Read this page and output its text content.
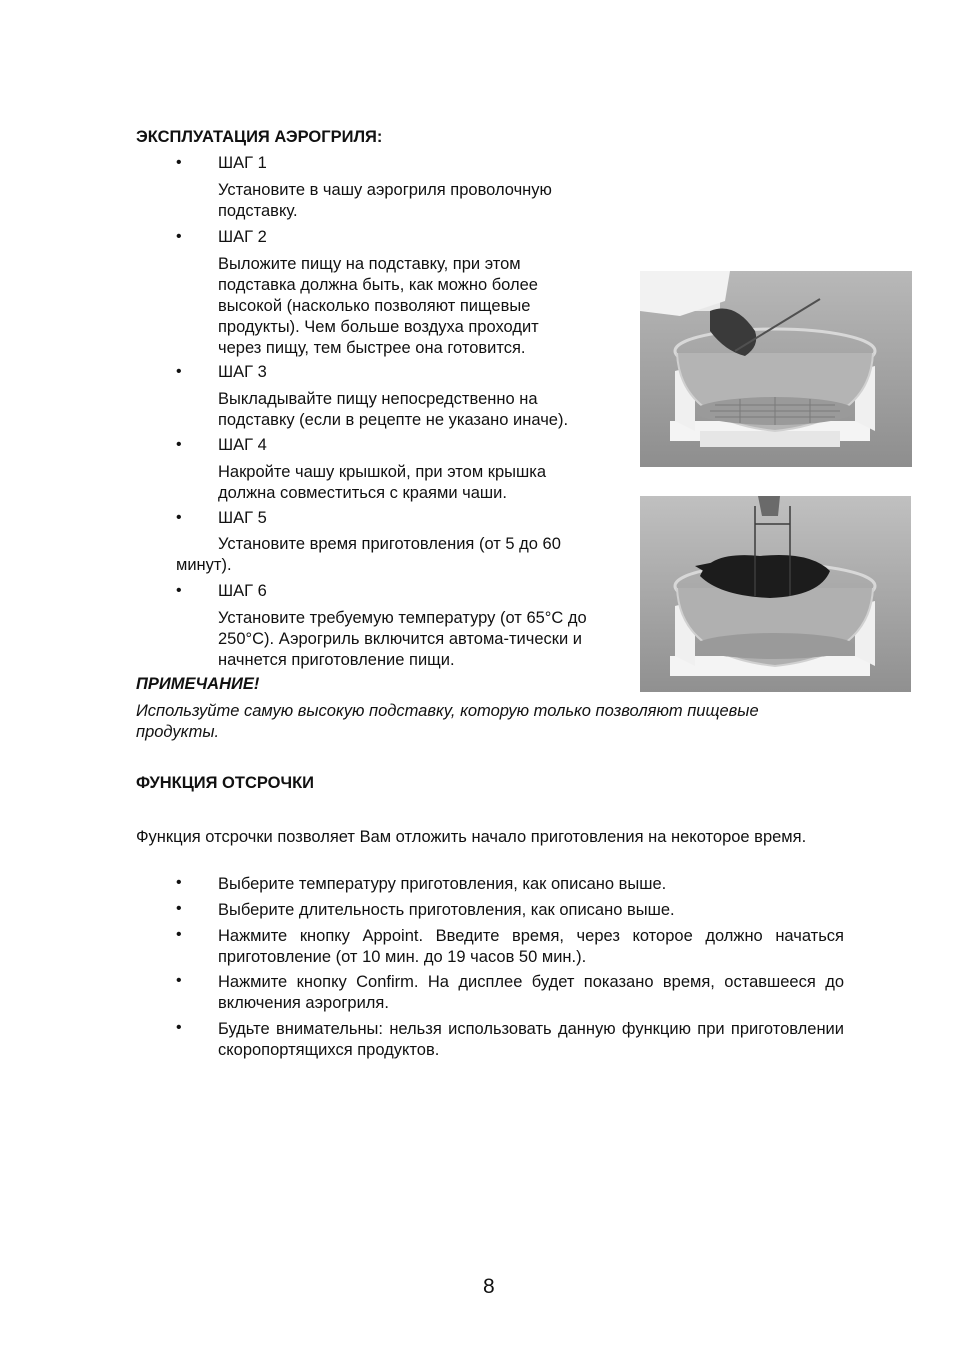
ЭКСПЛУАТАЦИЯ АЭРОГРИЛЯ:
• ШАГ 1
Установите в чашу аэрогриля проволочную подставку.
• ШАГ 2
Выложите пищу на подставку, при этом подставка должна быть, как можно более высокой (насколько позволяют пищевые продукты). Чем больше воздуха проходит через пищу, тем быстрее она готовится.
• ШАГ 3
Выкладывайте пищу непосредственно на подставку (если в рецепте не указано иначе).
• ШАГ 4
Накройте чашу крышкой, при этом крышка должна совместиться с краями чаши.
• ШАГ 5
Установите время приготовления (от 5 до 60
минут).
• ШАГ 6
Установите требуемую температуру (от 65°С до 250°С). Аэрогриль включится автома-тически и начнется приготовление пищи.
ПРИМЕЧАНИЕ!
Используйте самую высокую подставку, которую только позволяют пищевые продукты.
ФУНКЦИЯ ОТСРОЧКИ
Функция отсрочки позволяет Вам отложить начало приготовления на некоторое время.
• Выберите температуру приготовления, как описано выше.
• Выберите длительность приготовления, как описано выше.
• Нажмите кнопку Appoint. Введите время, через которое должно начаться приготовление (от 10 мин. до 19 часов 50 мин.).
• Нажмите кнопку Confirm. На дисплее будет показано время, оставшееся до включения аэрогриля.
• Будьте внимательны: нельзя использовать данную функцию при приготовлении скоропортящихся продуктов.
8
